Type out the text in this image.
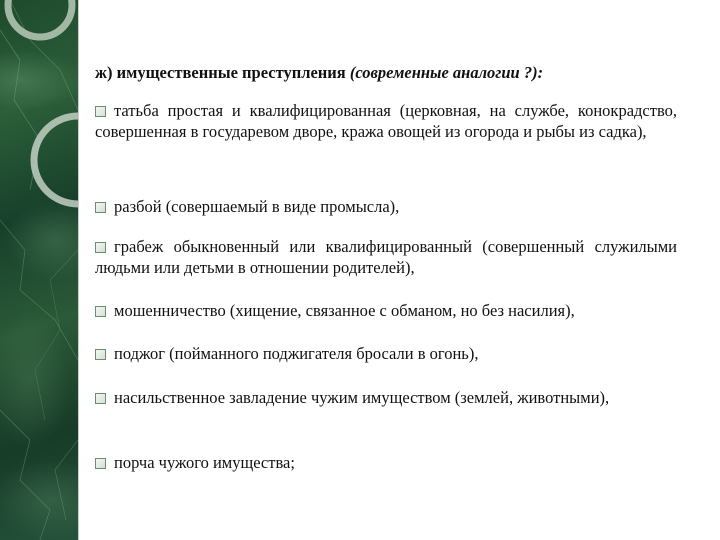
ж) имущественные преступления (современные аналогии ?):

татьба простая и квалифицированная (церковная, на службе, конокрадство, совершенная в государевом дворе, кража овощей из огорода и рыбы из садка),
разбой (совершаемый в виде промысла),
грабеж обыкновенный или квалифицированный (совершенный служилыми людьми или детьми в отношении родителей),
мошенничество (хищение, связанное с обманом, но без насилия),
поджог (пойманного поджигателя бросали в огонь),
насильственное завладение чужим имуществом (землей, животными),
порча чужого имущества;
